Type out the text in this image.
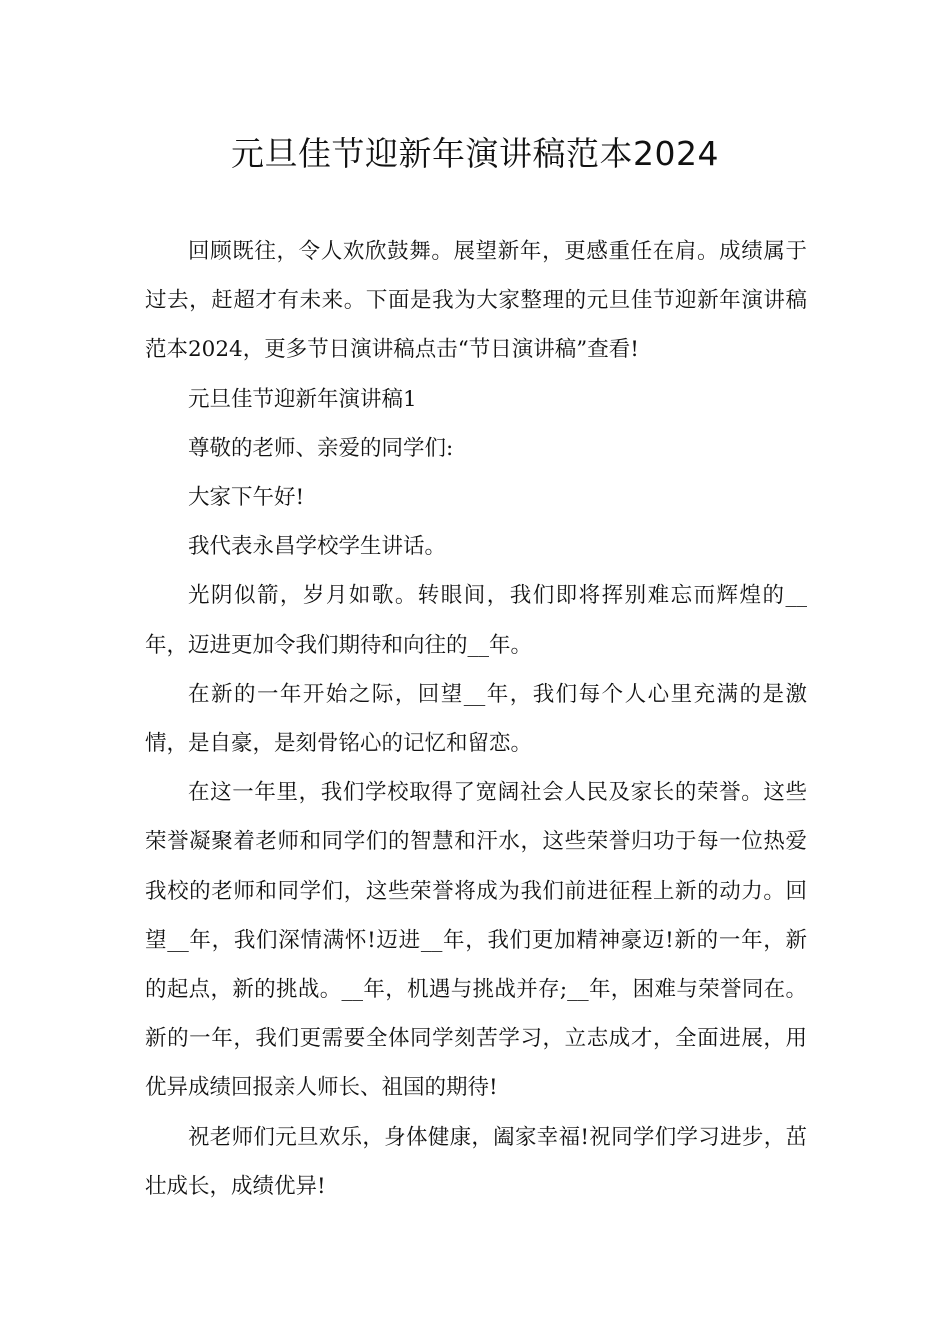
元旦佳节迎新年演讲稿范本2024

回顾既往，令人欢欣鼓舞。展望新年，更感重任在肩。成绩属于过去，赶超才有未来。下面是我为大家整理的元旦佳节迎新年演讲稿范本2024，更多节日演讲稿点击“节日演讲稿”查看!

元旦佳节迎新年演讲稿1

尊敬的老师、亲爱的同学们:

大家下午好!

我代表永昌学校学生讲话。

光阴似箭，岁月如歌。转眼间，我们即将挥别难忘而辉煌的__年，迈进更加令我们期待和向往的__年。

在新的一年开始之际，回望__年，我们每个人心里充满的是激情，是自豪，是刻骨铭心的记忆和留恋。

在这一年里，我们学校取得了宽阔社会人民及家长的荣誉。这些荣誉凝聚着老师和同学们的智慧和汗水，这些荣誉归功于每一位热爱我校的老师和同学们，这些荣誉将成为我们前进征程上新的动力。回望__年，我们深情满怀!迈进__年，我们更加精神豪迈!新的一年，新的起点，新的挑战。__年，机遇与挑战并存;__年，困难与荣誉同在。新的一年，我们更需要全体同学刻苦学习，立志成才，全面进展，用优异成绩回报亲人师长、祖国的期待!

祝老师们元旦欢乐，身体健康，阖家幸福!祝同学们学习进步，茁壮成长，成绩优异!
